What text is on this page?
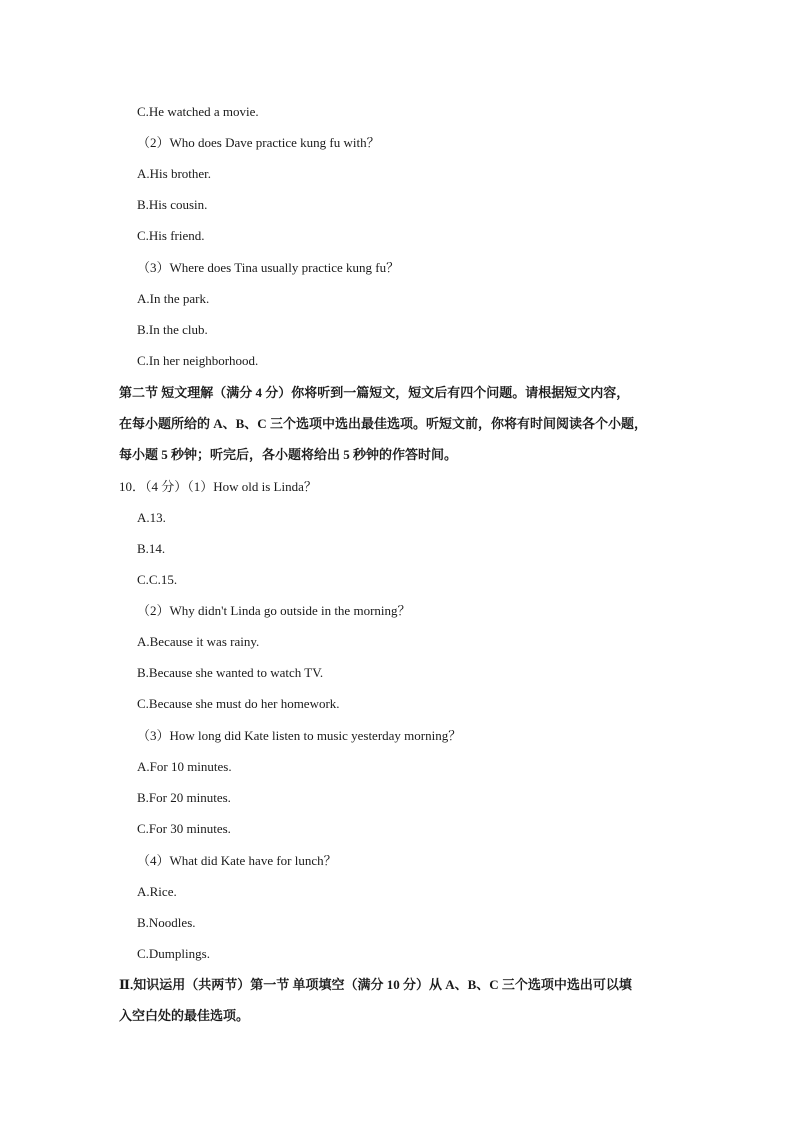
C.He watched a movie.
（2）Who does Dave practice kung fu with？
A.His brother.
B.His cousin.
C.His friend.
（3）Where does Tina usually practice kung fu？
A.In the park.
B.In the club.
C.In her neighborhood.
第二节 短文理解（满分 4 分）你将听到一篇短文，短文后有四个问题。请根据短文内容，
在每小题所给的 A、B、C 三个选项中选出最佳选项。听短文前，你将有时间阅读各个小题，
每小题 5 秒钟；听完后，各小题将给出 5 秒钟的作答时间。
10．（4 分）（1）How old is Linda？
A.13.
B.14.
C.C.15.
（2）Why didn't Linda go outside in the morning？
A.Because it was rainy.
B.Because she wanted to watch TV.
C.Because she must do her homework.
（3）How long did Kate listen to music yesterday morning？
A.For 10 minutes.
B.For 20 minutes.
C.For 30 minutes.
（4）What did Kate have for lunch？
A.Rice.
B.Noodles.
C.Dumplings.
Ⅱ.知识运用（共两节）第一节 单项填空（满分 10 分）从 A、B、C 三个选项中选出可以填
入空白处的最佳选项。
